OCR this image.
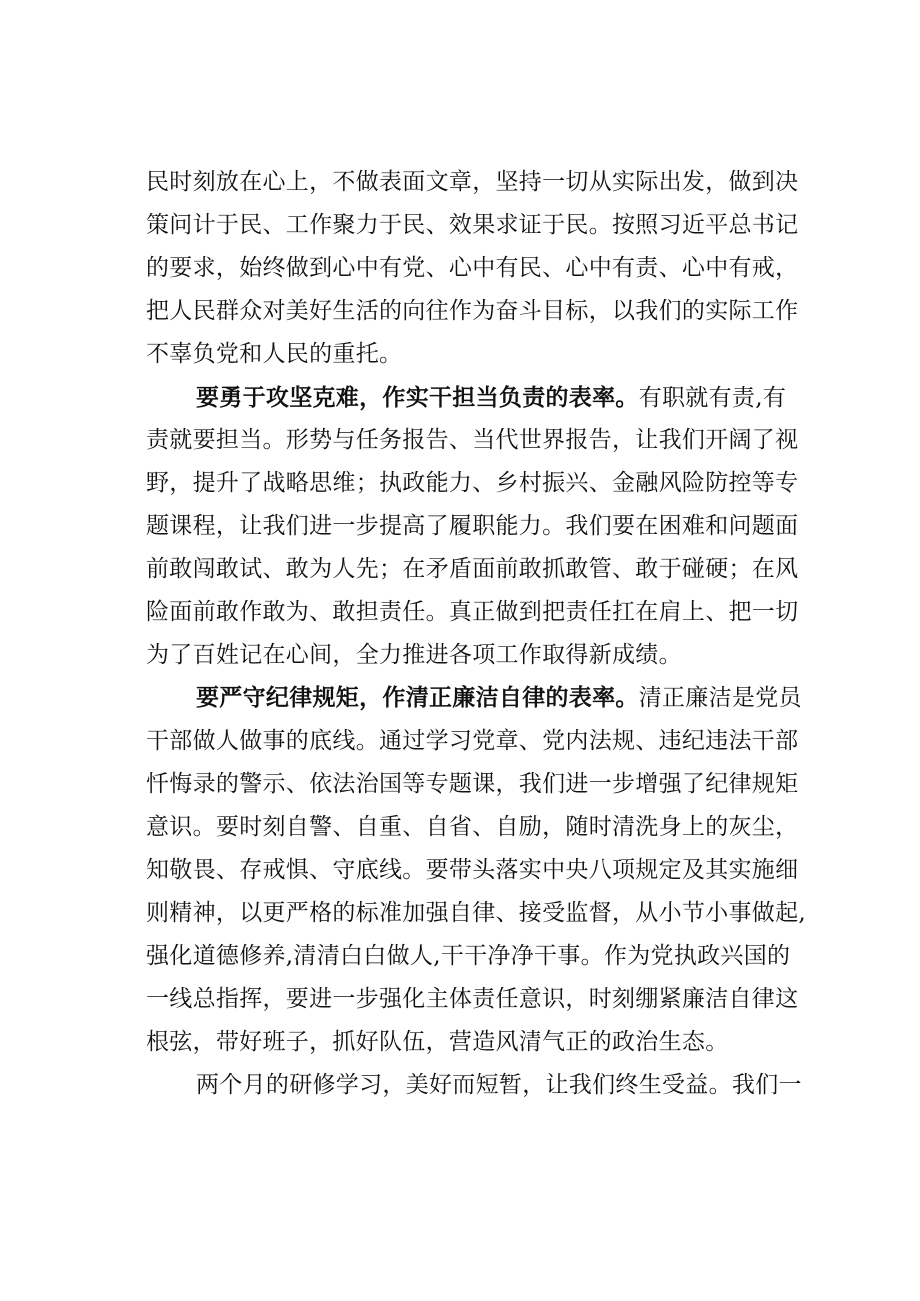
民时刻放在心上，不做表面文章，坚持一切从实际出发，做到决
策问计于民、工作聚力于民、效果求证于民。按照习近平总书记
的要求，始终做到心中有党、心中有民、心中有责、心中有戒，
把人民群众对美好生活的向往作为奋斗目标，以我们的实际工作
不辜负党和人民的重托。
要勇于攻坚克难，作实干担当负责的表率。有职就有责,有
责就要担当。形势与任务报告、当代世界报告，让我们开阔了视
野，提升了战略思维；执政能力、乡村振兴、金融风险防控等专
题课程，让我们进一步提高了履职能力。我们要在困难和问题面
前敢闯敢试、敢为人先；在矛盾面前敢抓敢管、敢于碰硬；在风
险面前敢作敢为、敢担责任。真正做到把责任扛在肩上、把一切
为了百姓记在心间，全力推进各项工作取得新成绩。
要严守纪律规矩，作清正廉洁自律的表率。清正廉洁是党员
干部做人做事的底线。通过学习党章、党内法规、违纪违法干部
忏悔录的警示、依法治国等专题课，我们进一步增强了纪律规矩
意识。要时刻自警、自重、自省、自励，随时清洗身上的灰尘，
知敬畏、存戒惧、守底线。要带头落实中央八项规定及其实施细
则精神，以更严格的标准加强自律、接受监督，从小节小事做起,
强化道德修养,清清白白做人,干干净净干事。作为党执政兴国的
一线总指挥，要进一步强化主体责任意识，时刻绷紧廉洁自律这
根弦，带好班子，抓好队伍，营造风清气正的政治生态。
两个月的研修学习，美好而短暂，让我们终生受益。我们一
